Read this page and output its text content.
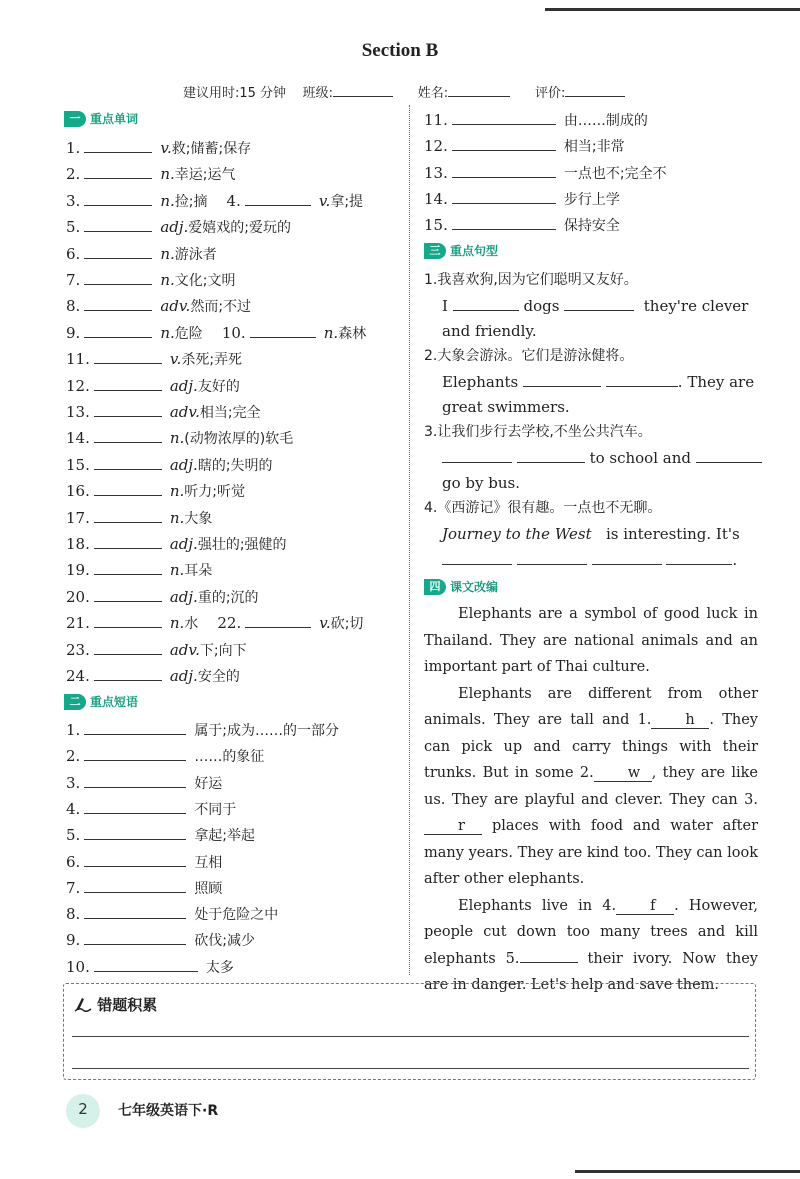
Section B
建议用时:15 分钟 班级:	姓名:	评价:
一 重点单词
1.	v.救;储蓄;保存
2.	n.幸运;运气
3.	n.捡;摘 4.	v.拿;提
5.	adj.爱嬉戏的;爱玩的
6.	n.游泳者
7.	n.文化;文明
8.	adv.然而;不过
9.	n.危险 10.	n.森林
11.	v.杀死;弄死
12.	adj.友好的
13.	adv.相当;完全
14.	n.(动物浓厚的)软毛
15.	adj.瞎的;失明的
16.	n.听力;听觉
17.	n.大象
18.	adj.强壮的;强健的
19.	n.耳朵
20.	adj.重的;沉的
21.	n.水 22.	v.砍;切
23.	adv.下;向下
24.	adj.安全的
二 重点短语
1.	属于;成为……的一部分
2.	……的象征
3.	好运
4.	不同于
5.	拿起;举起
6.	互相
7.	照顾
8.	处于危险之中
9.	砍伐;减少
10.	太多
11.	由……制成的
12.	相当;非常
13.	一点也不;完全不
14.	步行上学
15.	保持安全
三 重点句型
1.我喜欢狗,因为它们聪明又友好。
I	dogs	they're clever
and friendly.
2.大象会游泳。它们是游泳健将。
Elephants	. They are
great swimmers.
3.让我们步行去学校,不坐公共汽车。
to school and
go by bus.
4.《西游记》很有趣。一点也不无聊。
Journey to the West is interesting. It's
.
四 课文改编

Elephants are a symbol of good luck in Thailand. They are national animals and an important part of Thai culture.

Elephants are different from other animals. They are tall and 1. h . They can pick up and carry things with their trunks. But in some 2. w , they are like us. They are playful and clever. They can 3.r places with food and water after many years. They are kind too. They can look after other elephants.

Elephants live in 4. f . However, people cut down too many trees and kill elephants 5.	their ivory. Now they are in danger. Let's help and save them.

错题积累
2	七年级英语下·R
